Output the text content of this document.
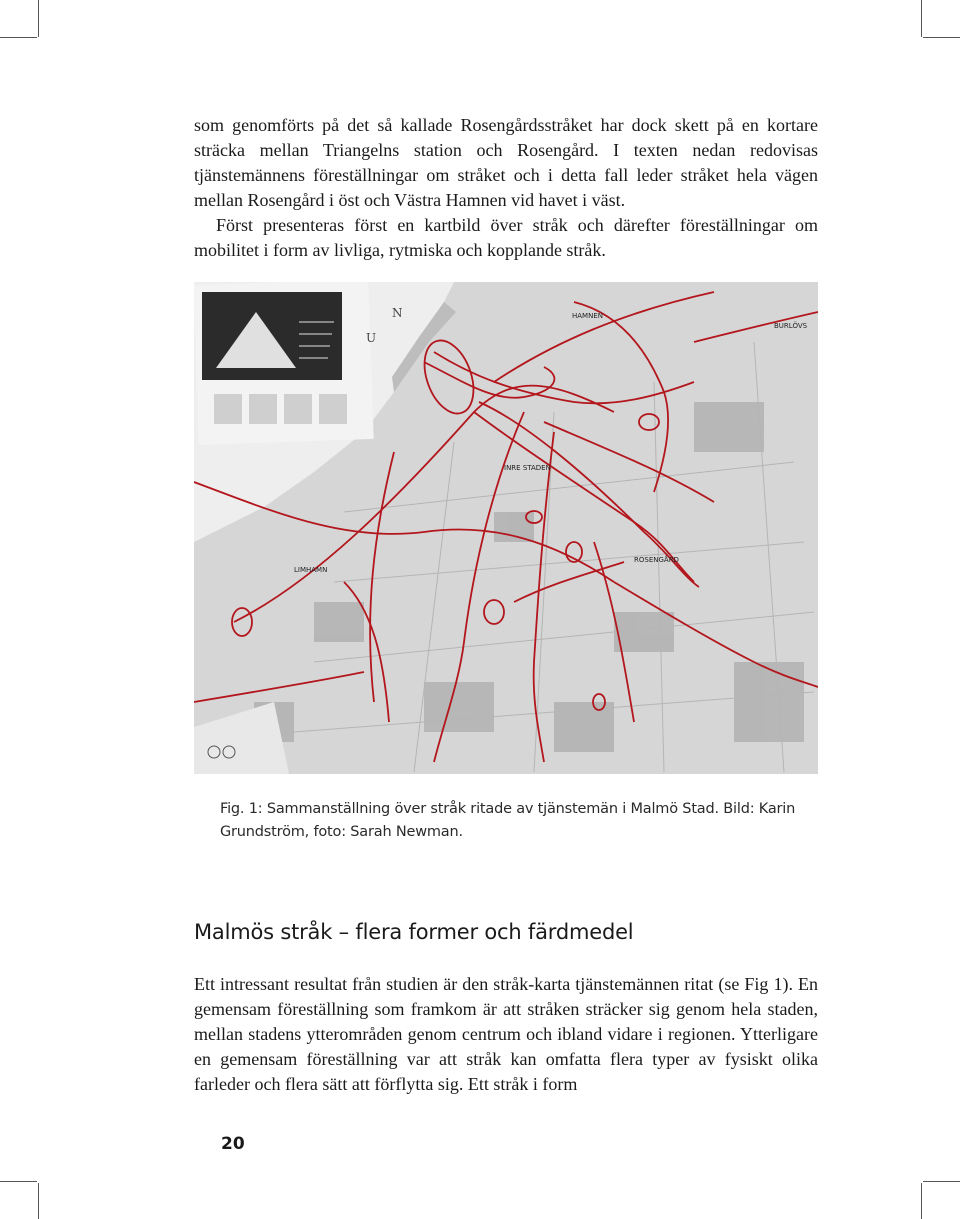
som genomförts på det så kallade Rosengårdsstråket har dock skett på en kortare sträcka mellan Triangelns station och Rosengård. I texten nedan redovisas tjänstemännens föreställningar om stråket och i detta fall leder stråket hela vägen mellan Rosengård i öst och Västra Hamnen vid havet i väst.

Först presenteras först en kartbild över stråk och därefter föreställningar om mobilitet i form av livliga, rytmiska och kopplande stråk.

HAMNEN
BURLÖVS
LIMHAMN
INRE STADEN
ROSENGÅRD
U
N
Fig. 1: Sammanställning över stråk ritade av tjänstemän i Malmö Stad. Bild: Karin
Grundström, foto: Sarah Newman.
Malmös stråk – flera former och färdmedel

Ett intressant resultat från studien är den stråk-karta tjänstemännen ritat (se Fig 1). En gemensam föreställning som framkom är att stråken sträcker sig genom hela staden, mellan stadens ytterområden genom centrum och ibland vidare i regionen. Ytterligare en gemensam föreställning var att stråk kan omfatta flera typer av fysiskt olika farleder och flera sätt att förflytta sig. Ett stråk i form

20
